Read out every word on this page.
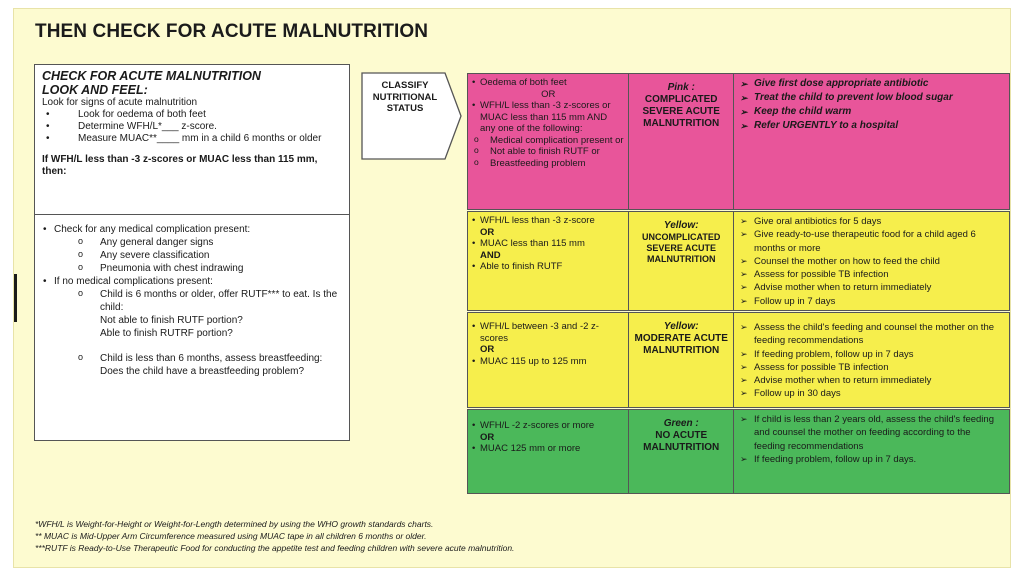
THEN CHECK FOR ACUTE MALNUTRITION
CHECK FOR ACUTE MALNUTRITION
LOOK AND FEEL:
Look for signs of acute malnutrition
• Look for oedema of both feet
• Determine WFH/L*___ z-score.
• Measure MUAC**____ mm in a child 6 months or older
If WFH/L less than -3 z-scores or MUAC less than 115 mm, then:
• Check for any medical complication present:
o Any general danger signs
o Any severe classification
o Pneumonia with chest indrawing
• If no medical complications present:
o Child is 6 months or older, offer RUTF*** to eat. Is the child:
Not able to finish RUTF portion?
Able to finish RUTRF portion?
o Child is less than 6 months, assess breastfeeding:
Does the child have a breastfeeding problem?
CLASSIFY NUTRITIONAL STATUS
• Oedema of both feet
OR
• WFH/L less than -3 z-scores or MUAC less than 115 mm AND any one of the following:
o Medical complication present or
o Not able to finish RUTF or
o Breastfeeding problem
Pink :
COMPLICATED SEVERE ACUTE MALNUTRITION
➢ Give first dose appropriate antibiotic
➢ Treat the child to prevent low blood sugar
➢ Keep the child warm
➢ Refer URGENTLY to a hospital
• WFH/L less than -3 z-score
OR
• MUAC less than 115 mm
AND
• Able to finish RUTF
Yellow:
UNCOMPLICATED SEVERE ACUTE MALNUTRITION
➢ Give oral antibiotics for 5 days
➢ Give ready-to-use therapeutic food for a child aged 6 months or more
➢ Counsel the mother on how to feed the child
➢ Assess for possible TB infection
➢ Advise mother when to return immediately
➢ Follow up in 7 days
• WFH/L between -3 and -2 z-scores
OR
• MUAC 115 up to 125 mm
Yellow:
MODERATE ACUTE MALNUTRITION
➢ Assess the child's feeding and counsel the mother on the feeding recommendations
➢ If feeding problem, follow up in 7 days
➢ Assess for possible TB infection
➢ Advise mother when to return immediately
➢ Follow up in 30 days
• WFH/L -2 z-scores or more
OR
• MUAC 125 mm or more
Green :
NO ACUTE MALNUTRITION
➢ If child is less than 2 years old, assess the child's feeding and counsel the mother on feeding according to the feeding recommendations
➢ If feeding problem, follow up in 7 days.
*WFH/L is Weight-for-Height or Weight-for-Length determined by using the WHO growth standards charts.
** MUAC is Mid-Upper Arm Circumference measured using MUAC tape in all children 6 months or older.
***RUTF is Ready-to-Use Therapeutic Food for conducting the appetite test and feeding children with severe acute malnutrition.
